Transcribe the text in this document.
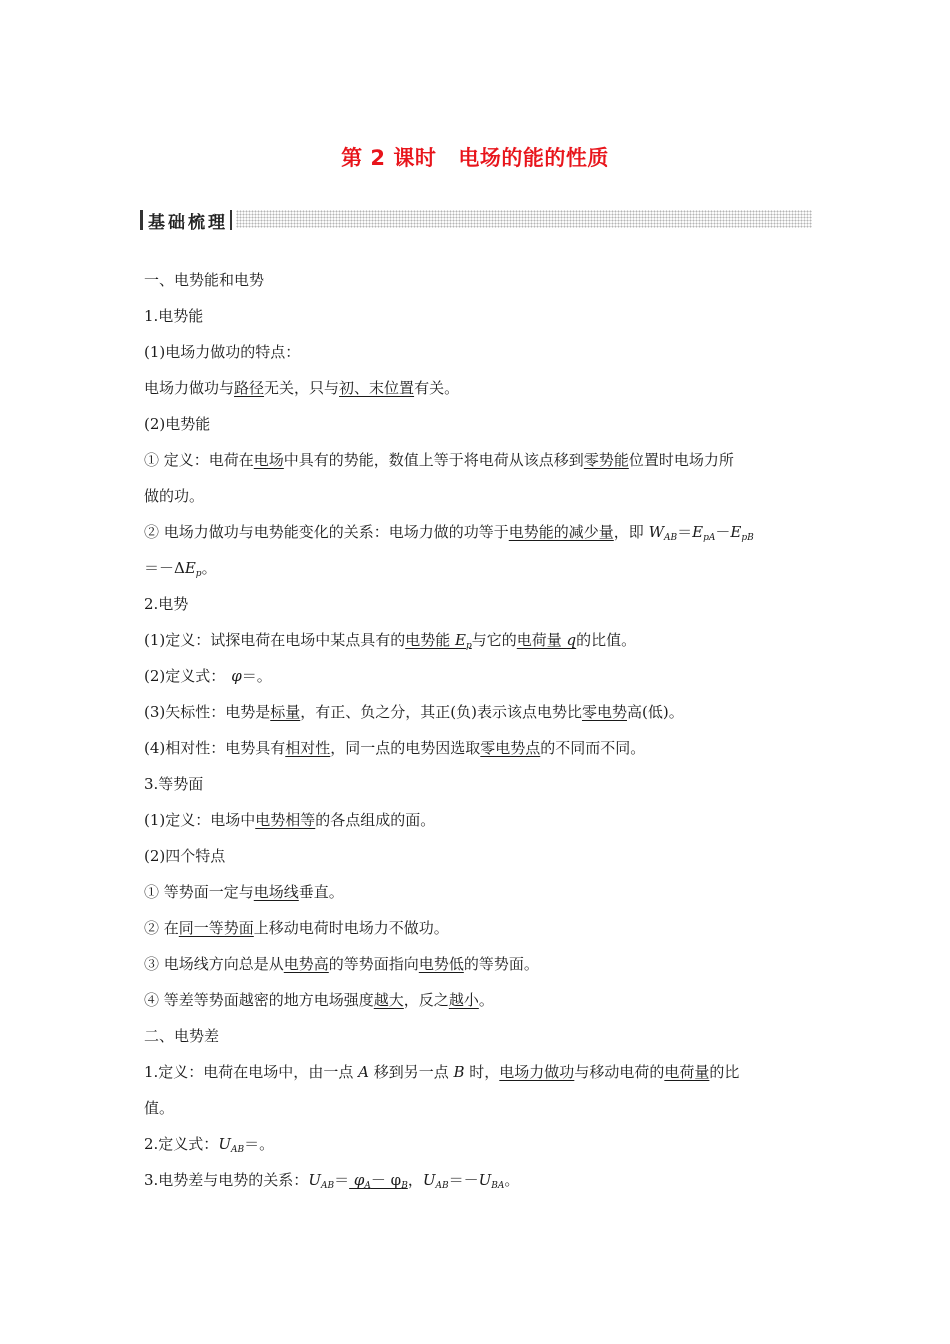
第 2 课时 电场的能的性质
基础梳理
一、电势能和电势
1.电势能
(1)电场力做功的特点：
电场力做功与路径无关，只与初、末位置有关。
(2)电势能
① 定义：电荷在电场中具有的势能，数值上等于将电荷从该点移到零势能位置时电场力所
做的功。
② 电场力做功与电势能变化的关系：电场力做的功等于电势能的减少量，即 $W_{AB}=E_{pA}-E_{pB}$
$=-\Delta E_p$。
2.电势
(1)定义：试探电荷在电场中某点具有的电势能 $E_p$与它的电荷量 q的比值。
(2)定义式： φ＝。
(3)矢标性：电势是标量，有正、负之分，其正(负)表示该点电势比零电势高(低)。
(4)相对性：电势具有相对性，同一点的电势因选取零电势点的不同而不同。
3.等势面
(1)定义：电场中电势相等的各点组成的面。
(2)四个特点
① 等势面一定与电场线垂直。
② 在同一等势面上移动电荷时电场力不做功。
③ 电场线方向总是从电势高的等势面指向电势低的等势面。
④ 等差等势面越密的地方电场强度越大，反之越小。
二、电势差
1.定义：电荷在电场中，由一点 A 移到另一点 B 时，电场力做功与移动电荷的电荷量的比
值。
2.定义式：$U_{AB}=$。
3.电势差与电势的关系：$U_{AB}= \varphi_A- \varphi_B$，$U_{AB}=-U_{BA}$。
